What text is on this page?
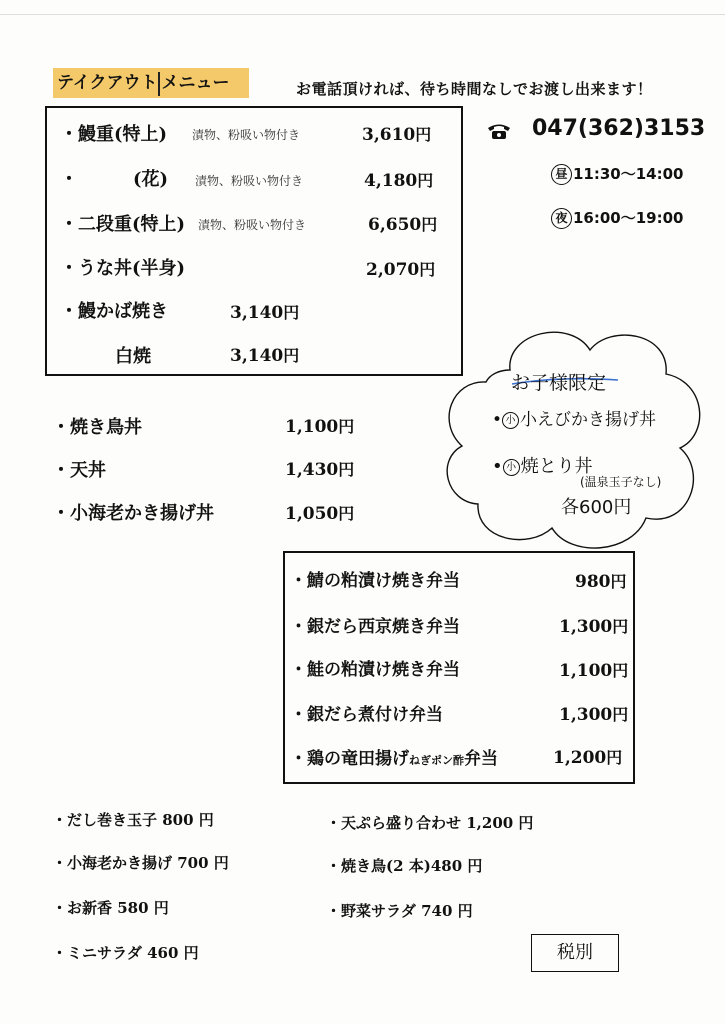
テイクアウト メニュー	お電話頂ければ、待ち時間なしでお渡し出来ます！
047(362)3153
昼 11:30〜14:00
夜 16:00〜19:00
・鰻重(特上) 漬物、粉吸い物付き	3,610円
・	(花) 漬物、粉吸い物付き	4,180円
・二段重(特上) 漬物、粉吸い物付き	6,650円
・うな丼(半身)	2,070円
・鰻かば焼き	3,140円
白焼	3,140円
・焼き鳥丼	1,100円
・天丼	1,430円
・小海老かき揚げ丼	1,050円
お子様限定
• 小 小えびかき揚げ丼
• 小 焼とり丼
(温泉玉子なし)
各600円
・鯖の粕漬け焼き弁当	980円
・銀だら西京焼き弁当	1,300円
・鮭の粕漬け焼き弁当	1,100円
・銀だら煮付け弁当	1,300円
・鶏の竜田揚げねぎポン酢弁当	1,200円
・だし巻き玉子 800 円
・小海老かき揚げ 700 円
・お新香 580 円
・ミニサラダ 460 円
・天ぷら盛り合わせ 1,200 円
・焼き鳥(2 本)480 円
・野菜サラダ 740 円
税別
